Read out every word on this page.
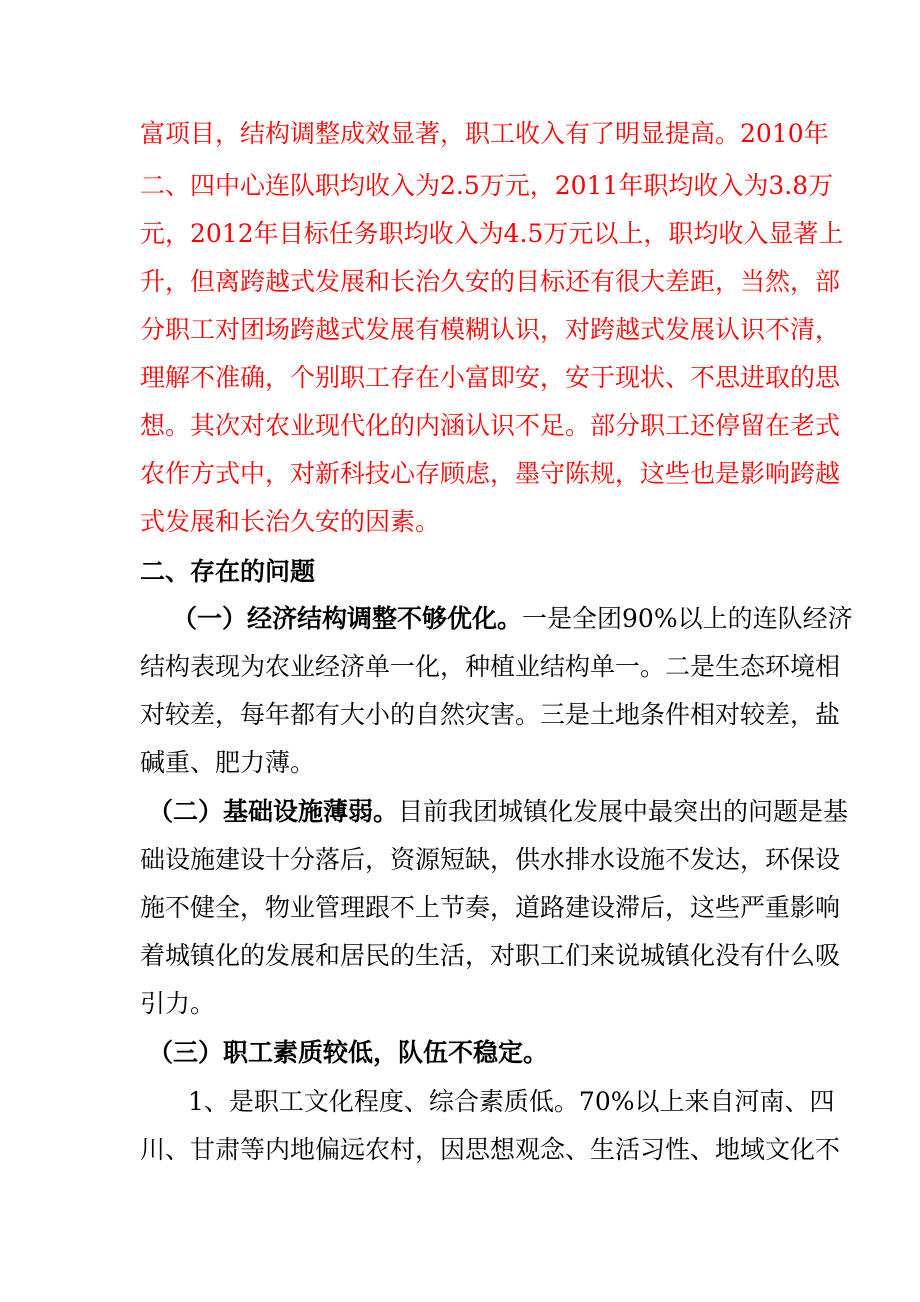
富项目，结构调整成效显著，职工收入有了明显提高。2010年
二、四中心连队职均收入为2.5万元，2011年职均收入为3.8万
元，2012年目标任务职均收入为4.5万元以上，职均收入显著上
升，但离跨越式发展和长治久安的目标还有很大差距，当然，部
分职工对团场跨越式发展有模糊认识，对跨越式发展认识不清，
理解不准确，个别职工存在小富即安，安于现状、不思进取的思
想。其次对农业现代化的内涵认识不足。部分职工还停留在老式
农作方式中，对新科技心存顾虑，墨守陈规，这些也是影响跨越
式发展和长治久安的因素。
二、存在的问题
（一）经济结构调整不够优化。一是全团90%以上的连队经济
结构表现为农业经济单一化，种植业结构单一。二是生态环境相
对较差，每年都有大小的自然灾害。三是土地条件相对较差，盐
碱重、肥力薄。
（二）基础设施薄弱。目前我团城镇化发展中最突出的问题是基
础设施建设十分落后，资源短缺，供水排水设施不发达，环保设
施不健全，物业管理跟不上节奏，道路建设滞后，这些严重影响
着城镇化的发展和居民的生活，对职工们来说城镇化没有什么吸
引力。
（三）职工素质较低，队伍不稳定。
1、是职工文化程度、综合素质低。70%以上来自河南、四
川、甘肃等内地偏远农村，因思想观念、生活习性、地域文化不
